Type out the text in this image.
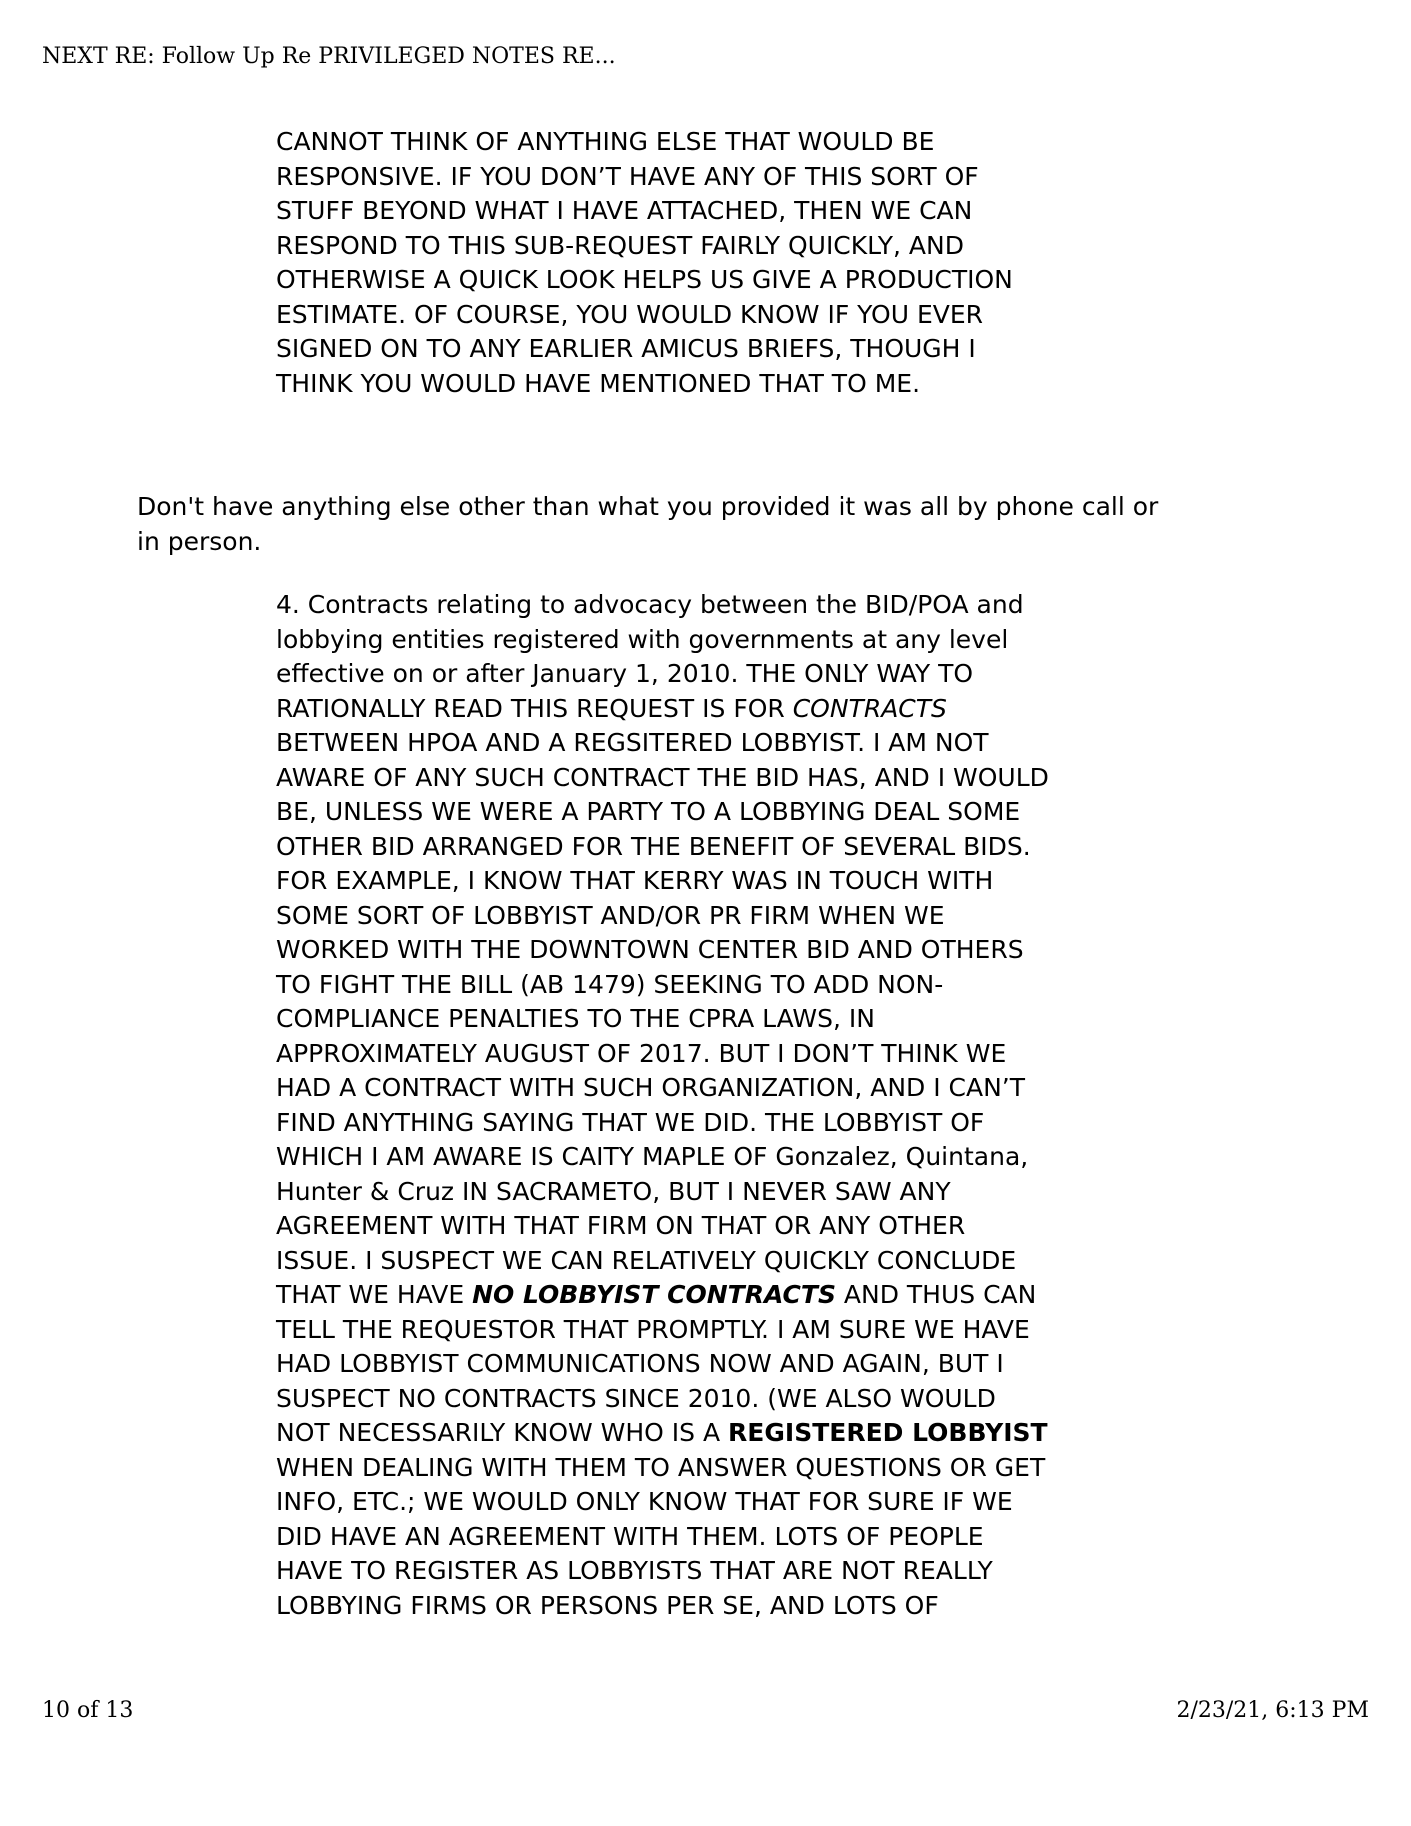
NEXT RE: Follow Up Re PRIVILEGED NOTES RE...
CANNOT THINK OF ANYTHING ELSE THAT WOULD BE
RESPONSIVE. IF YOU DON’T HAVE ANY OF THIS SORT OF
STUFF BEYOND WHAT I HAVE ATTACHED, THEN WE CAN
RESPOND TO THIS SUB-REQUEST FAIRLY QUICKLY, AND
OTHERWISE A QUICK LOOK HELPS US GIVE A PRODUCTION
ESTIMATE. OF COURSE, YOU WOULD KNOW IF YOU EVER
SIGNED ON TO ANY EARLIER AMICUS BRIEFS, THOUGH I
THINK YOU WOULD HAVE MENTIONED THAT TO ME.
Don't have anything else other than what you provided it was all by phone call or
in person.
4. Contracts relating to advocacy between the BID/POA and
lobbying entities registered with governments at any level
effective on or after January 1, 2010. THE ONLY WAY TO
RATIONALLY READ THIS REQUEST IS FOR CONTRACTS
BETWEEN HPOA AND A REGSITERED LOBBYIST. I AM NOT
AWARE OF ANY SUCH CONTRACT THE BID HAS, AND I WOULD
BE, UNLESS WE WERE A PARTY TO A LOBBYING DEAL SOME
OTHER BID ARRANGED FOR THE BENEFIT OF SEVERAL BIDS.
FOR EXAMPLE, I KNOW THAT KERRY WAS IN TOUCH WITH
SOME SORT OF LOBBYIST AND/OR PR FIRM WHEN WE
WORKED WITH THE DOWNTOWN CENTER BID AND OTHERS
TO FIGHT THE BILL (AB 1479) SEEKING TO ADD NON-
COMPLIANCE PENALTIES TO THE CPRA LAWS, IN
APPROXIMATELY AUGUST OF 2017. BUT I DON’T THINK WE
HAD A CONTRACT WITH SUCH ORGANIZATION, AND I CAN’T
FIND ANYTHING SAYING THAT WE DID. THE LOBBYIST OF
WHICH I AM AWARE IS CAITY MAPLE OF Gonzalez, Quintana,
Hunter & Cruz IN SACRAMETO, BUT I NEVER SAW ANY
AGREEMENT WITH THAT FIRM ON THAT OR ANY OTHER
ISSUE. I SUSPECT WE CAN RELATIVELY QUICKLY CONCLUDE
THAT WE HAVE NO LOBBYIST CONTRACTS AND THUS CAN
TELL THE REQUESTOR THAT PROMPTLY. I AM SURE WE HAVE
HAD LOBBYIST COMMUNICATIONS NOW AND AGAIN, BUT I
SUSPECT NO CONTRACTS SINCE 2010. (WE ALSO WOULD
NOT NECESSARILY KNOW WHO IS A REGISTERED LOBBYIST
WHEN DEALING WITH THEM TO ANSWER QUESTIONS OR GET
INFO, ETC.; WE WOULD ONLY KNOW THAT FOR SURE IF WE
DID HAVE AN AGREEMENT WITH THEM. LOTS OF PEOPLE
HAVE TO REGISTER AS LOBBYISTS THAT ARE NOT REALLY
LOBBYING FIRMS OR PERSONS PER SE, AND LOTS OF
10 of 13	2/23/21, 6:13 PM
